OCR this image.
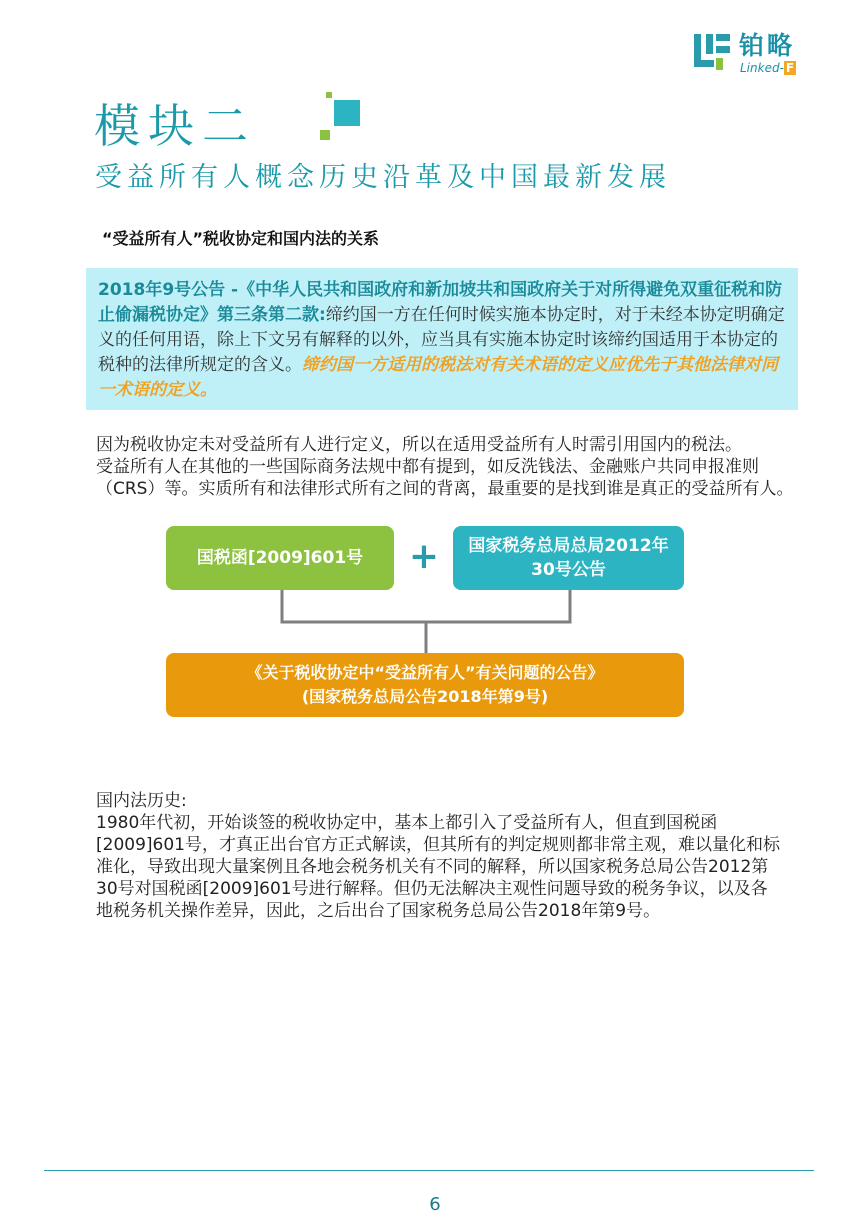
铂略
Linked- F
模块二
受益所有人概念历史沿革及中国最新发展
“受益所有人”税收协定和国内法的关系
2018年9号公告 -《中华人民共和国政府和新加坡共和国政府关于对所得避免双重征税和防止偷漏税协定》第三条第二款:缔约国一方在任何时候实施本协定时，对于未经本协定明确定义的任何用语，除上下文另有解释的以外，应当具有实施本协定时该缔约国适用于本协定的税种的法律所规定的含义。缔约国一方适用的税法对有关术语的定义应优先于其他法律对同一术语的定义。
因为税收协定未对受益所有人进行定义，所以在适用受益所有人时需引用国内的税法。
受益所有人在其他的一些国际商务法规中都有提到，如反洗钱法、金融账户共同申报准则
（CRS）等。实质所有和法律形式所有之间的背离，最重要的是找到谁是真正的受益所有人。
国税函[2009]601号	+ 国家税务总局总局2012年
30号公告
《关于税收协定中“受益所有人”有关问题的公告》
(国家税务总局公告2018年第9号)
国内法历史:
1980年代初，开始谈签的税收协定中，基本上都引入了受益所有人，但直到国税函
[2009]601号，才真正出台官方正式解读，但其所有的判定规则都非常主观，难以量化和标
准化，导致出现大量案例且各地会税务机关有不同的解释，所以国家税务总局公告2012第
30号对国税函[2009]601号进行解释。但仍无法解决主观性问题导致的税务争议，以及各
地税务机关操作差异，因此，之后出台了国家税务总局公告2018年第9号。
6
